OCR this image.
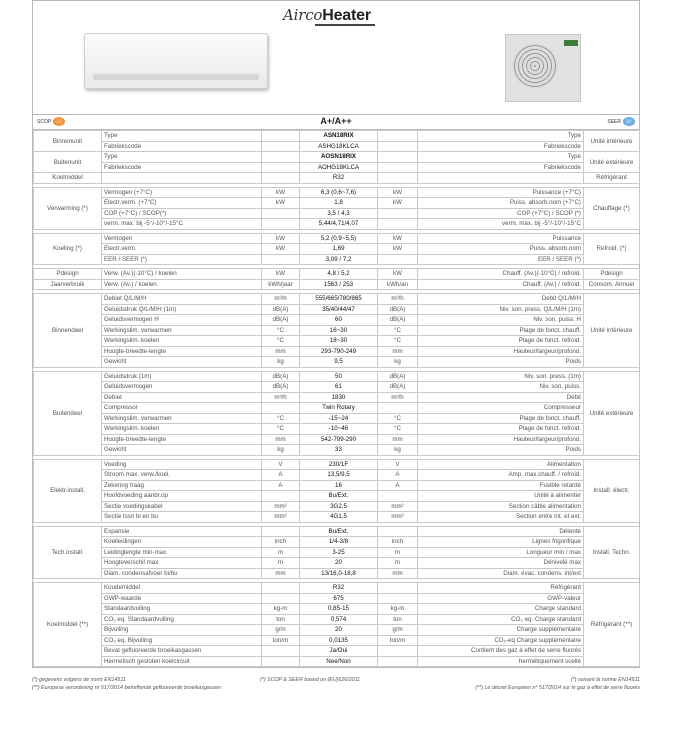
AircoHeater
SCOP	A+/A++	SEER
Binnenunit	Type		ASN18RIX		Type	Unité intérieure
	Fabriekscode		ASHG18KLCA		Fabriekscode	
Buitenunit	Type		AOSN18RIX		Type	Unité extérieure
	Fabriekscode		AOHG18KLCA		Fabriekscode	
Koelmiddel			R32			Réfrigérant

Verwarming (*)	Vermogen (+7°C)	kW	6,3 (0,6~7,6)	kW	Puissance (+7°C)	Chauffage (*)
	Electr.verm. (+7°C)	kW	1,8	kW	Puiss. absorb.nom (+7°C)	
	COP (+7°C) / SCOP(*)		3,5 / 4,3		COP (+7°C) / SCOP (*)	
	verm. max. bij -5°/-10°/-15°C		5,44/4,71/4,07		verm. max. bij -5°/-10°/-15°C	

Koeling (*)	Vermogen	kW	5,2 (0,9~5,5)	kW	Puissance	Refroid. (*)
	Electr.verm.	kW	1,69	kW	Puiss. absorb.nom	
	EER / SEER (*)		3,09 / 7,2		EER / SEER (*)	

Pdesign	Verw. (Av.)(-10°C) / koelen	kW	4,8 / 5,2	kW	Chauff. (Av.)(-10°C) / refroid.	Pdesign
Jaarverbruik	Verw. (Av.) / koelen	kWh/jaar	1563 / 253	kWh/an	Chauff. (Av.) / refroid.	Consom. Annuel

Binnendeel	Debiet Q/L/M/H	m³/h	555/665/780/865	m³/h	Debit Q/L/M/H	Unité intérieure
	Geluidsdruk Q/L/M/H (1m)	dB(A)	35/40/44/47	dB(A)	Niv. son. press. Q/L/M/H (1m)	
	Geluidsvermogen H	dB(A)	60	dB(A)	Niv. son. puiss. H	
	Werkingslim. verwarmen	°C	16~30	°C	Plage de fonct. chauff.	
	Werkingslim. koelen	°C	18~30	°C	Plage de fonct. refroid.	
	Hoogte-breedte-lengte	mm	293-790-249	mm	Hauteur/largeur/profond.	
	Gewicht	kg	9,5	kg	Poids	

Buitendeel	Geluidsdruk (1m)	dB(A)	50	dB(A)	Niv. son. press. (1m)	Unité extérieure
	Geluidsvermogen	dB(A)	61	dB(A)	Niv. son. puiss.	
	Debiet	m³/h	1830	m³/h	Débit	
	Compressor		Twin Rotary		Compresseur	
	Werkingslim. verwarmen	°C	-15~24	°C	Plage de fonct. chauff.	
	Werkingslim. koelen	°C	-10~46	°C	Plage de fonct. refroid.	
	Hoogte-breedte-lengte	mm	542-799-290	mm	Hauteur/largeur/profond.	
	Gewicht	kg	33	kg	Poids	

Elektr.install.	Voeding	V	230/1F	V	Alimentation	Install. électr.
	Stroom max. verw./koel.	A	13,5/9,5	A	Amp. max.chauff. / refroid.	
	Zekering traag	A	16	A	Fusible retardé	
	Hoofdvoeding aanbr.op		Bu/Ext.		Unité à alimenter	
	Sectie voedingskabel	mm²	3G2,5	mm²	Section câble alimentation	
	Sectie tssn bi en bu	mm²	4G1,5	mm²	Section entre int. et ext.	

Tech.install.	Expansie		Bu/Ext.		Détente	Install. Techn.
	Koelleidingen	inch	1/4-3/8	inch	Lignes frigorifique	
	Leidinglengte min-max	m	3-25	m	Longueur min / max	
	Hoogteverschil max	m	20	m	Dénivelé max	
	Diam. condensafvoer bi/bu	mm	13/16,0-16,8	mm	Diam. évac. condens. int/ext	

Koelmiddel (**)	Koudemiddel		R32		Réfrigérant	Réfrigérant (**)
	GWP-waarde		675		GWP-valeur	
	Standaardvulling	kg-m	0,85-15	kg-m	Charge standard	
	CO₂ eq. Standaardvulling	ton	0,574	ton	CO₂ eq. Charge standard	
	Bijvulling	g/m	20	g/m	Charge supplémentaire	
	CO₂ eq. Bijvulling	ton/m	0,0135	ton/m	CO₂-eq Charge supplémentaire	
	Bevat gefluoreerde broeikasgassen		Ja/Oui		Contient des gaz à effet de serre fluorés	
	Hermetisch gesloten koelcircuit		Nee/Non		hermétiquement scellé	
(*) gegevens volgens de norm EN14511	(*) SCOP & SEER based on (EU)626/2011	(*) suivant la norme EN14511
(**) Europese verordening nr 517/2014 betreffende gefluoreerde broeikasgassen	(**) Le décret Européen n° 517/2014 sur le gaz à effet de serre fluorés
